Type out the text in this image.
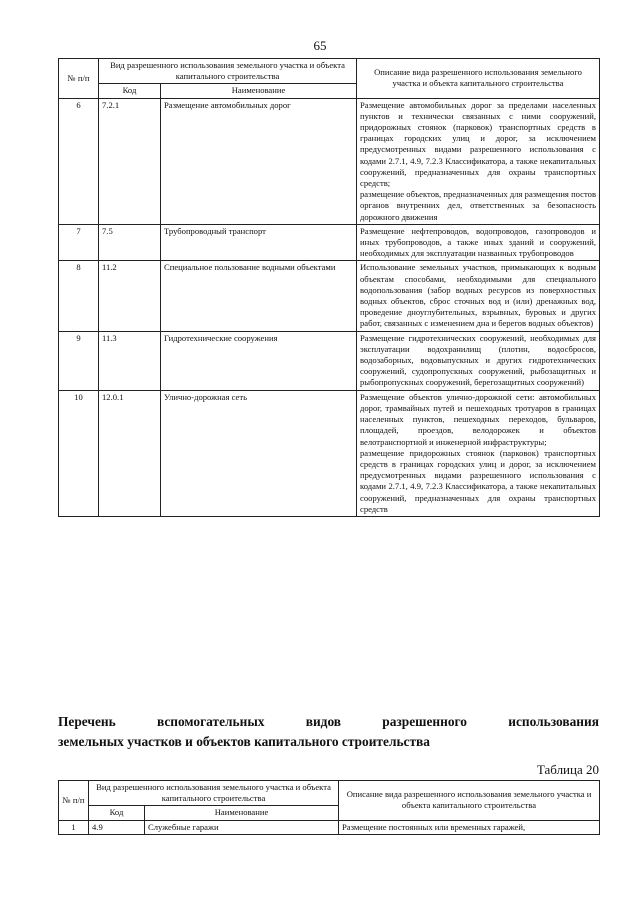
65
№ п/п	Вид разрешенного использования земельного участка и объекта капитального строительства		Описание вида разрешенного использования земельного участка и объекта капитального строительства
	Код	Наименование	
6	7.2.1	Размещение автомобильных дорог	Размещение автомобильных дорог за пределами населенных пунктов и технически связанных с ними сооружений, придорожных стоянок (парковок) транспортных средств в границах городских улиц и дорог, за исключением предусмотренных видами разрешенного использования с кодами 2.7.1, 4.9, 7.2.3 Классификатора, а также некапитальных сооружений, предназначенных для охраны транспортных средств;
размещение объектов, предназначенных для размещения постов органов внутренних дел, ответственных за безопасность дорожного движения

7	7.5	Трубопроводный транспорт	Размещение нефтепроводов, водопроводов, газопроводов и иных трубопроводов, а также иных зданий и сооружений, необходимых для эксплуатации названных трубопроводов

8	11.2	Специальное пользование водными объектами	Использование земельных участков, примыкающих к водным объектам способами, необходимыми для специального водопользования (забор водных ресурсов из поверхностных водных объектов, сброс сточных вод и (или) дренажных вод, проведение дноуглубительных, взрывных, буровых и других работ, связанных с изменением дна и берегов водных объектов)

9	11.3	Гидротехнические сооружения	Размещение гидротехнических сооружений, необходимых для эксплуатации водохранилищ (плотин, водосбросов, водозаборных, водовыпускных и других гидротехнических сооружений, судопропускных сооружений, рыбозащитных и рыбопропускных сооружений, берегозащитных сооружений)

10	12.0.1	Улично-дорожная сеть	Размещение объектов улично-дорожной сети: автомобильных дорог, трамвайных путей и пешеходных тротуаров в границах населенных пунктов, пешеходных переходов, бульваров, площадей, проездов, велодорожек и объектов велотранспортной и инженерной инфраструктуры;
размещение придорожных стоянок (парковок) транспортных средств в границах городских улиц и дорог, за исключением предусмотренных видами разрешенного использования с кодами 2.7.1, 4.9, 7.2.3 Классификатора, а также некапитальных сооружений, предназначенных для охраны транспортных средств
Перечень вспомогательных видов разрешенного использования
земельных участков и объектов капитального строительства
Таблица 20
№ п/п	Вид разрешенного использования земельного участка и объекта капитального строительства		Описание вида разрешенного использования земельного участка и объекта капитального строительства
	Код	Наименование	
1	4.9	Служебные гаражи	Размещение постоянных или временных гаражей,
